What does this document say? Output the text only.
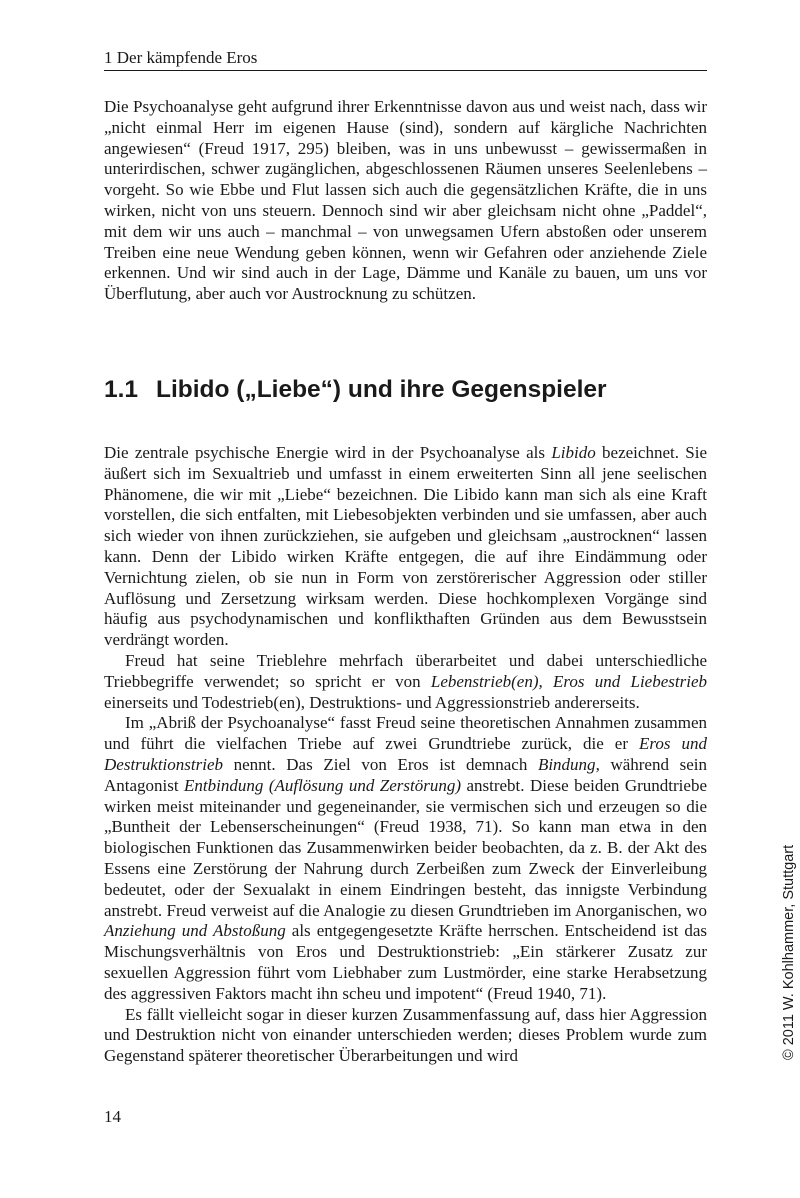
1 Der kämpfende Eros

Die Psychoanalyse geht aufgrund ihrer Erkenntnisse davon aus und weist nach, dass wir „nicht einmal Herr im eigenen Hause (sind), sondern auf kärgliche Nachrichten angewiesen“ (Freud 1917, 295) bleiben, was in uns unbewusst – gewissermaßen in unterirdischen, schwer zugänglichen, abgeschlossenen Räumen unseres Seelenlebens – vorgeht. So wie Ebbe und Flut lassen sich auch die gegensätzlichen Kräfte, die in uns wirken, nicht von uns steuern. Dennoch sind wir aber gleichsam nicht ohne „Paddel“, mit dem wir uns auch – manchmal – von unwegsamen Ufern abstoßen oder unserem Treiben eine neue Wendung geben können, wenn wir Gefahren oder anziehende Ziele erkennen. Und wir sind auch in der Lage, Dämme und Kanäle zu bauen, um uns vor Überflutung, aber auch vor Austrocknung zu schützen.

1.1 Libido („Liebe“) und ihre Gegenspieler

Die zentrale psychische Energie wird in der Psychoanalyse als Libido bezeichnet. Sie äußert sich im Sexualtrieb und umfasst in einem erweiterten Sinn all jene seelischen Phänomene, die wir mit „Liebe“ bezeichnen. Die Libido kann man sich als eine Kraft vorstellen, die sich entfalten, mit Liebesobjekten verbinden und sie umfassen, aber auch sich wieder von ihnen zurückziehen, sie aufgeben und gleichsam „austrocknen“ lassen kann. Denn der Libido wirken Kräfte entgegen, die auf ihre Eindämmung oder Vernichtung zielen, ob sie nun in Form von zerstörerischer Aggression oder stiller Auflösung und Zersetzung wirksam werden. Diese hochkomplexen Vorgänge sind häufig aus psychodynamischen und konflikthaften Gründen aus dem Bewusstsein verdrängt worden.

Freud hat seine Trieblehre mehrfach überarbeitet und dabei unterschiedliche Triebbegriffe verwendet; so spricht er von Lebenstrieb(en), Eros und Liebestrieb einerseits und Todestrieb(en), Destruktions- und Aggressionstrieb andererseits.

Im „Abriß der Psychoanalyse“ fasst Freud seine theoretischen Annahmen zusammen und führt die vielfachen Triebe auf zwei Grundtriebe zurück, die er Eros und Destruktionstrieb nennt. Das Ziel von Eros ist demnach Bindung, während sein Antagonist Entbindung (Auflösung und Zerstörung) anstrebt. Diese beiden Grundtriebe wirken meist miteinander und gegeneinander, sie vermischen sich und erzeugen so die „Buntheit der Lebenserscheinungen“ (Freud 1938, 71). So kann man etwa in den biologischen Funktionen das Zusammenwirken beider beobachten, da z. B. der Akt des Essens eine Zerstörung der Nahrung durch Zerbeißen zum Zweck der Einverleibung bedeutet, oder der Sexualakt in einem Eindringen besteht, das innigste Verbindung anstrebt. Freud verweist auf die Analogie zu diesen Grundtrieben im Anorganischen, wo Anziehung und Abstoßung als entgegengesetzte Kräfte herrschen. Entscheidend ist das Mischungsverhältnis von Eros und Destruktionstrieb: „Ein stärkerer Zusatz zur sexuellen Aggression führt vom Liebhaber zum Lustmörder, eine starke Herabsetzung des aggressiven Faktors macht ihn scheu und impotent“ (Freud 1940, 71).

Es fällt vielleicht sogar in dieser kurzen Zusammenfassung auf, dass hier Aggression und Destruktion nicht von einander unterschieden werden; dieses Problem wurde zum Gegenstand späterer theoretischer Überarbeitungen und wird

14
© 2011 W. Kohlhammer, Stuttgart
